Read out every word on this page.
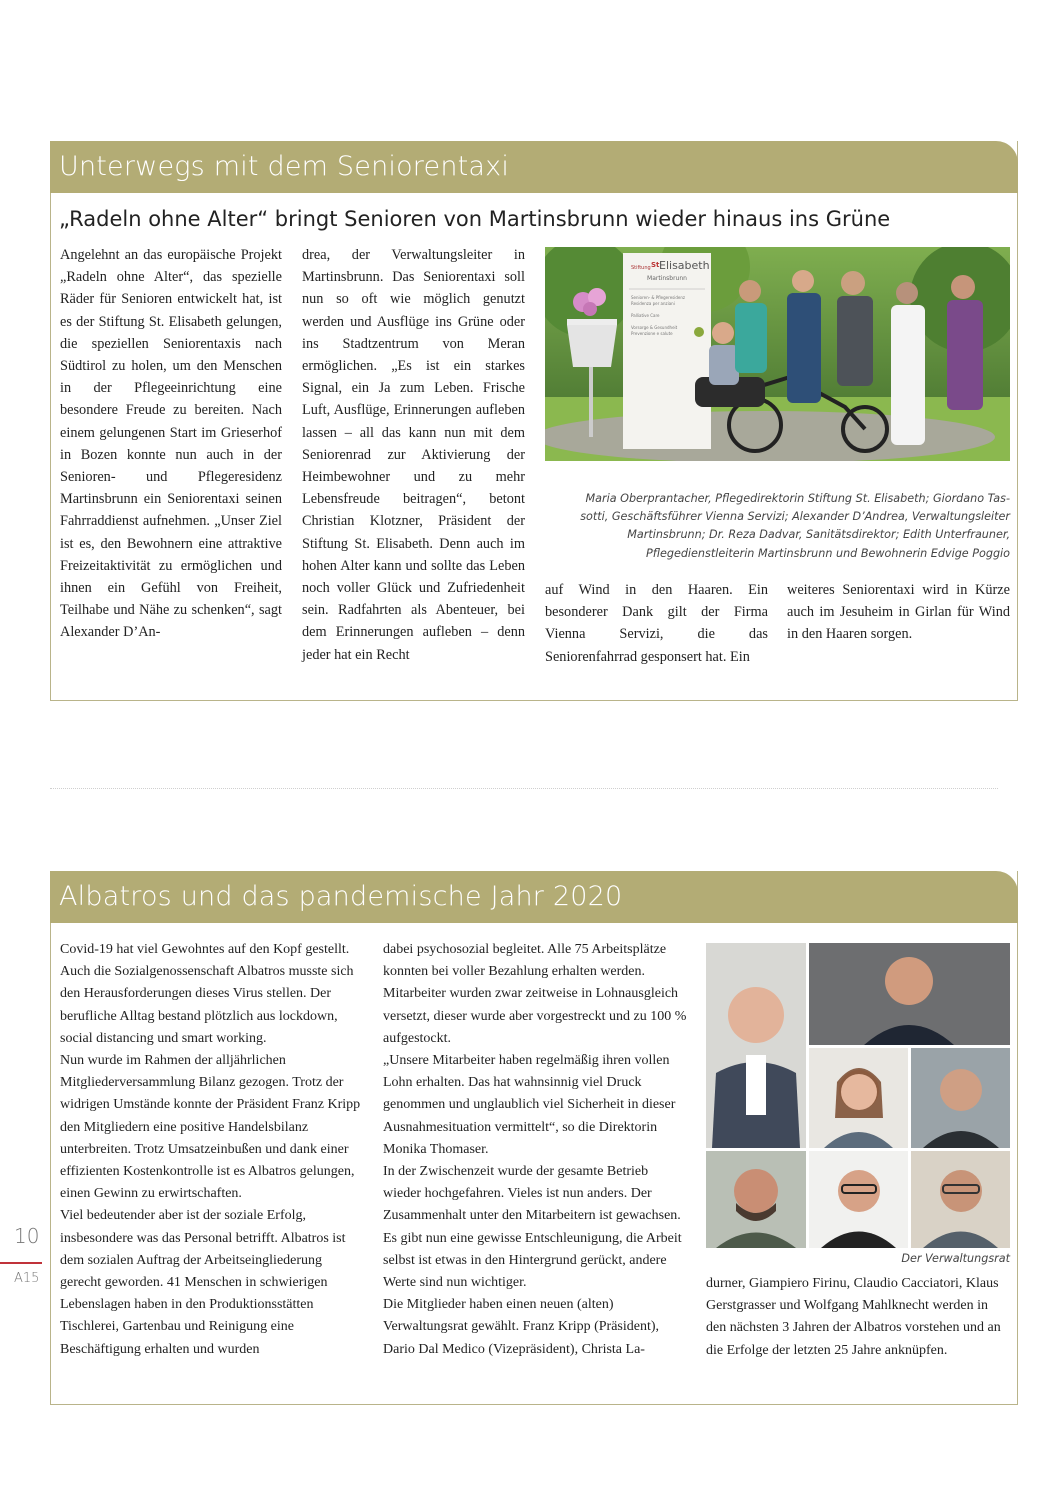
Unterwegs mit dem Seniorentaxi
„Radeln ohne Alter“ bringt Senioren von Martinsbrunn wieder hinaus ins Grüne

Angelehnt an das europäische Projekt „Radeln ohne Alter“, das spezielle Räder für Senioren entwickelt hat, ist es der Stiftung St. Elisabeth gelungen, die speziellen Seniorentaxis nach Südtirol zu holen, um den Menschen in der Pflegeeinrichtung eine besondere Freude zu bereiten. Nach einem gelungenen Start im Grieserhof in Bozen konnte nun auch in der Senioren- und Pflegeresidenz Martinsbrunn ein Seniorentaxi seinen Fahrraddienst aufnehmen. „Unser Ziel ist es, den Bewohnern eine attraktive Freizeitaktivität zu ermöglichen und ihnen ein Gefühl von Freiheit, Teilhabe und Nähe zu schenken“, sagt Alexander D’An-

drea, der Verwaltungsleiter in Martinsbrunn. Das Seniorentaxi soll nun so oft wie möglich genutzt werden und Ausflüge ins Grüne oder ins Stadtzentrum von Meran ermöglichen. „Es ist ein starkes Signal, ein Ja zum Leben. Frische Luft, Ausflüge, Erinnerungen aufleben lassen – all das kann nun mit dem Seniorenrad zur Aktivierung der Heimbewohner und zu mehr Lebensfreude beitragen“, betont Christian Klotzner, Präsident der Stiftung St. Elisabeth. Denn auch im hohen Alter kann und sollte das Leben noch voller Glück und Zufriedenheit sein. Radfahrten als Abenteuer, bei dem Erinnerungen aufleben – denn jeder hat ein Recht

Stiftung St Elisabeth
Martinsbrunn
Senioren- & Pflegeresidenz
Residenza per anziani
Palliative Care
Vorsorge & Gesundheit
Prevenzione e salute
Maria Oberprantacher, Pflegedirektorin Stiftung St. Elisabeth; Giordano Tas-
sotti, Geschäftsführer Vienna Servizi; Alexander D’Andrea, Verwaltungsleiter
Martinsbrunn; Dr. Reza Dadvar, Sanitätsdirektor; Edith Unterfrauner,
Pflegedienstleiterin Martinsbrunn und Bewohnerin Edvige Poggio

auf Wind in den Haaren. Ein besonderer Dank gilt der Firma Vienna Servizi, die das Seniorenfahrrad gesponsert hat. Ein

weiteres Seniorentaxi wird in Kürze auch im Jesuheim in Girlan für Wind in den Haaren sorgen.

Albatros und das pandemische Jahr 2020

Covid-19 hat viel Gewohntes auf den Kopf gestellt. Auch die Sozialgenossenschaft Albatros musste sich den Herausforderungen dieses Virus stellen. Der berufliche Alltag bestand plötzlich aus lockdown, social distancing und smart working.

Nun wurde im Rahmen der alljährlichen Mitgliederversammlung Bilanz gezogen. Trotz der widrigen Umstände konnte der Präsident Franz Kripp den Mitgliedern eine positive Handelsbilanz unterbreiten. Trotz Umsatzeinbußen und dank einer effizienten Kostenkontrolle ist es Albatros gelungen, einen Gewinn zu erwirtschaften.

Viel bedeutender aber ist der soziale Erfolg, insbesondere was das Personal betrifft. Albatros ist dem sozialen Auftrag der Arbeitseingliederung gerecht geworden. 41 Menschen in schwierigen Lebenslagen haben in den Produktionsstätten Tischlerei, Gartenbau und Reinigung eine Beschäftigung erhalten und wurden

dabei psychosozial begleitet. Alle 75 Arbeitsplätze konnten bei voller Bezahlung erhalten werden. Mitarbeiter wurden zwar zeitweise in Lohnausgleich versetzt, dieser wurde aber vorgestreckt und zu 100 % aufgestockt.

„Unsere Mitarbeiter haben regelmäßig ihren vollen Lohn erhalten. Das hat wahnsinnig viel Druck genommen und unglaublich viel Sicherheit in dieser Ausnahmesituation vermittelt“, so die Direktorin Monika Thomaser.

In der Zwischenzeit wurde der gesamte Betrieb wieder hochgefahren. Vieles ist nun anders. Der Zusammenhalt unter den Mitarbeitern ist gewachsen. Es gibt nun eine gewisse Entschleunigung, die Arbeit selbst ist etwas in den Hintergrund gerückt, andere Werte sind nun wichtiger.

Die Mitglieder haben einen neuen (alten) Verwaltungsrat gewählt. Franz Kripp (Präsident), Dario Dal Medico (Vizepräsident), Christa La-

Der Verwaltungsrat

durner, Giampiero Firinu, Claudio Cacciatori, Klaus Gerstgrasser und Wolfgang Mahlknecht werden in den nächsten 3 Jahren der Albatros vorstehen und an die Erfolge der letzten 25 Jahre anknüpfen.

10
A15
